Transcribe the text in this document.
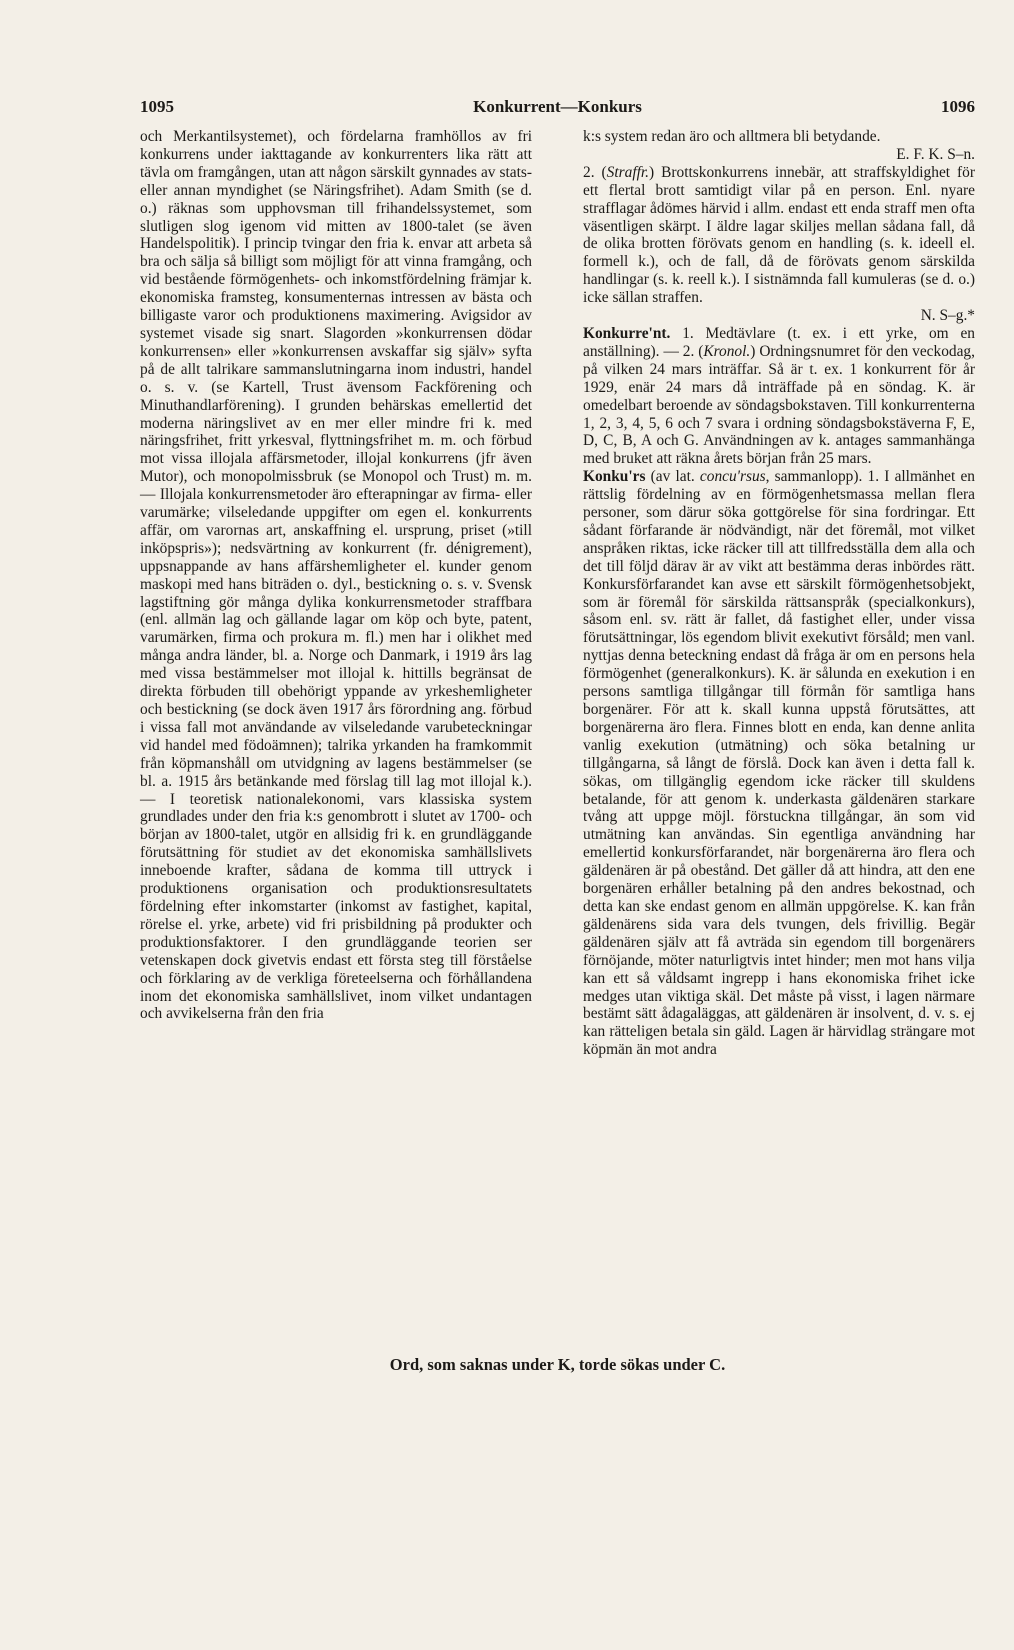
1095	Konkurrent—Konkurs	1096

och Merkantilsystemet), och fördelarna framhöllos av fri konkurrens under iakttagande av konkurrenters lika rätt att tävla om framgången, utan att någon särskilt gynnades av stats- eller annan myndighet (se Näringsfrihet). Adam Smith (se d. o.) räknas som upphovsman till frihandelssystemet, som slutligen slog igenom vid mitten av 1800-talet (se även Handelspolitik). I princip tvingar den fria k. envar att arbeta så bra och sälja så billigt som möjligt för att vinna framgång, och vid bestående förmögenhets- och inkomstfördelning främjar k. ekonomiska framsteg, konsumenternas intressen av bästa och billigaste varor och produktionens maximering. Avigsidor av systemet visade sig snart. Slagorden »konkurrensen dödar konkurrensen» eller »konkurrensen avskaffar sig själv» syfta på de allt talrikare sammanslutningarna inom industri, handel o. s. v. (se Kartell, Trust ävensom Fackförening och Minuthandlarförening). I grunden behärskas emellertid det moderna näringslivet av en mer eller mindre fri k. med näringsfrihet, fritt yrkesval, flyttningsfrihet m. m. och förbud mot vissa illojala affärsmetoder, illojal konkurrens (jfr även Mutor), och monopolmissbruk (se Monopol och Trust) m. m. — Illojala konkurrensmetoder äro efterapningar av firma- eller varumärke; vilseledande uppgifter om egen el. konkurrents affär, om varornas art, anskaffning el. ursprung, priset (»till inköpspris»); nedsvärtning av konkurrent (fr. dénigrement), uppsnappande av hans affärshemligheter el. kunder genom maskopi med hans biträden o. dyl., bestickning o. s. v. Svensk lagstiftning gör många dylika konkurrensmetoder straffbara (enl. allmän lag och gällande lagar om köp och byte, patent, varumärken, firma och prokura m. fl.) men har i olikhet med många andra länder, bl. a. Norge och Danmark, i 1919 års lag med vissa bestämmelser mot illojal k. hittills begränsat de direkta förbuden till obehörigt yppande av yrkeshemligheter och bestickning (se dock även 1917 års förordning ang. förbud i vissa fall mot användande av vilseledande varubeteckningar vid handel med födoämnen); talrika yrkanden ha framkommit från köpmanshåll om utvidgning av lagens bestämmelser (se bl. a. 1915 års betänkande med förslag till lag mot illojal k.). — I teoretisk nationalekonomi, vars klassiska system grundlades under den fria k:s genombrott i slutet av 1700- och början av 1800-talet, utgör en allsidig fri k. en grundläggande förutsättning för studiet av det ekonomiska samhällslivets inneboende krafter, sådana de komma till uttryck i produktionens organisation och produktionsresultatets fördelning efter inkomstarter (inkomst av fastighet, kapital, rörelse el. yrke, arbete) vid fri prisbildning på produkter och produktionsfaktorer. I den grundläggande teorien ser vetenskapen dock givetvis endast ett första steg till förståelse och förklaring av de verkliga företeelserna och förhållandena inom det ekonomiska samhällslivet, inom vilket undantagen och avvikelserna från den fria

k:s system redan äro och alltmera bli betydande.
E. F. K. S–n.

2. (Straffr.) Brottskonkurrens innebär, att straffskyldighet för ett flertal brott samtidigt vilar på en person. Enl. nyare strafflagar ådömes härvid i allm. endast ett enda straff men ofta väsentligen skärpt. I äldre lagar skiljes mellan sådana fall, då de olika brotten förövats genom en handling (s. k. ideell el. formell k.), och de fall, då de förövats genom särskilda handlingar (s. k. reell k.). I sistnämnda fall kumuleras (se d. o.) icke sällan straffen.
N. S–g.*

Konkurre'nt. 1. Medtävlare (t. ex. i ett yrke, om en anställning). — 2. (Kronol.) Ordningsnumret för den veckodag, på vilken 24 mars inträffar. Så är t. ex. 1 konkurrent för år 1929, enär 24 mars då inträffade på en söndag. K. är omedelbart beroende av söndagsbokstaven. Till konkurrenterna 1, 2, 3, 4, 5, 6 och 7 svara i ordning söndagsbokstäverna F, E, D, C, B, A och G. Användningen av k. antages sammanhänga med bruket att räkna årets början från 25 mars.

Konku'rs (av lat. concu'rsus, sammanlopp). 1. I allmänhet en rättslig fördelning av en förmögenhetsmassa mellan flera personer, som därur söka gottgörelse för sina fordringar. Ett sådant förfarande är nödvändigt, när det föremål, mot vilket anspråken riktas, icke räcker till att tillfredsställa dem alla och det till följd därav är av vikt att bestämma deras inbördes rätt. Konkursförfarandet kan avse ett särskilt förmögenhetsobjekt, som är föremål för särskilda rättsanspråk (specialkonkurs), såsom enl. sv. rätt är fallet, då fastighet eller, under vissa förutsättningar, lös egendom blivit exekutivt försåld; men vanl. nyttjas denna beteckning endast då fråga är om en persons hela förmögenhet (generalkonkurs). K. är sålunda en exekution i en persons samtliga tillgångar till förmån för samtliga hans borgenärer. För att k. skall kunna uppstå förutsättes, att borgenärerna äro flera. Finnes blott en enda, kan denne anlita vanlig exekution (utmätning) och söka betalning ur tillgångarna, så långt de förslå. Dock kan även i detta fall k. sökas, om tillgänglig egendom icke räcker till skuldens betalande, för att genom k. underkasta gäldenären starkare tvång att uppge möjl. förstuckna tillgångar, än som vid utmätning kan användas. Sin egentliga användning har emellertid konkursförfarandet, när borgenärerna äro flera och gäldenären är på obestånd. Det gäller då att hindra, att den ene borgenären erhåller betalning på den andres bekostnad, och detta kan ske endast genom en allmän uppgörelse. K. kan från gäldenärens sida vara dels tvungen, dels frivillig. Begär gäldenären själv att få avträda sin egendom till borgenärers förnöjande, möter naturligtvis intet hinder; men mot hans vilja kan ett så våldsamt ingrepp i hans ekonomiska frihet icke medges utan viktiga skäl. Det måste på visst, i lagen närmare bestämt sätt ådagaläggas, att gäldenären är insolvent, d. v. s. ej kan rätteligen betala sin gäld. Lagen är härvidlag strängare mot köpmän än mot andra

Ord, som saknas under K, torde sökas under C.
